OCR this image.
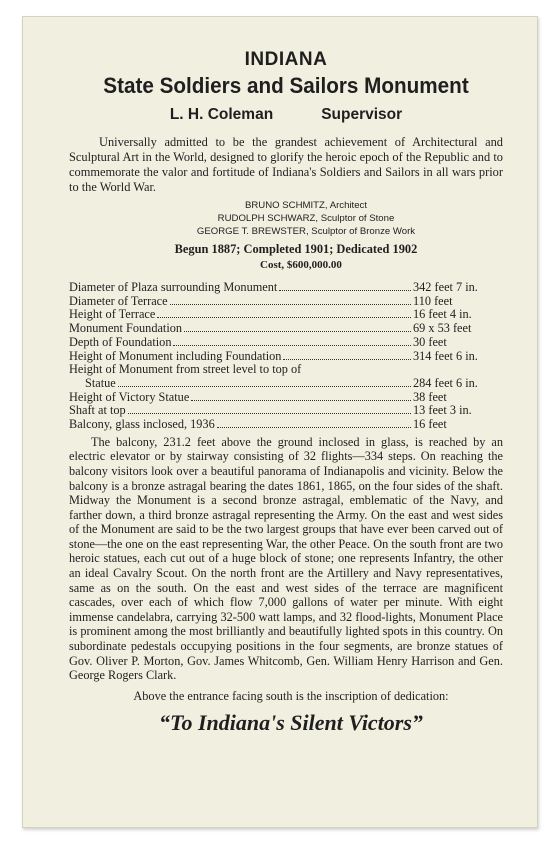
INDIANA
State Soldiers and Sailors Monument
L. H. Coleman	Supervisor
Universally admitted to be the grandest achievement of Architectural and Sculptural Art in the World, designed to glorify the heroic epoch of the Republic and to commemorate the valor and fortitude of Indiana's Soldiers and Sailors in all wars prior to the World War.
BRUNO SCHMITZ, Architect
RUDOLPH SCHWARZ, Sculptor of Stone
GEORGE T. BREWSTER, Sculptor of Bronze Work
Begun 1887; Completed 1901; Dedicated 1902
Cost, $600,000.00
Diameter of Plaza surrounding Monument	342 feet 7 in.
Diameter of Terrace	110 feet
Height of Terrace	16 feet 4 in.
Monument Foundation	69 x 53 feet
Depth of Foundation	30 feet
Height of Monument including Foundation	314 feet 6 in.
Height of Monument from street level to top of
Statue	284 feet 6 in.
Height of Victory Statue	38 feet
Shaft at top	13 feet 3 in.
Balcony, glass inclosed, 1936	16 feet
The balcony, 231.2 feet above the ground inclosed in glass, is reached by an electric elevator or by stairway consisting of 32 flights—334 steps. On reaching the balcony visitors look over a beautiful panorama of Indianapolis and vicinity. Below the balcony is a bronze astragal bearing the dates 1861, 1865, on the four sides of the shaft. Midway the Monument is a second bronze astragal, emblematic of the Navy, and farther down, a third bronze astragal representing the Army. On the east and west sides of the Monument are said to be the two largest groups that have ever been carved out of stone—the one on the east representing War, the other Peace. On the south front are two heroic statues, each cut out of a huge block of stone; one represents Infantry, the other an ideal Cavalry Scout. On the north front are the Artillery and Navy representatives, same as on the south. On the east and west sides of the terrace are magnificent cascades, over each of which flow 7,000 gallons of water per minute. With eight immense candelabra, carrying 32-500 watt lamps, and 32 flood-lights, Monument Place is prominent among the most brilliantly and beautifully lighted spots in this country. On subordinate pedestals occupying positions in the four segments, are bronze statues of Gov. Oliver P. Morton, Gov. James Whitcomb, Gen. William Henry Harrison and Gen. George Rogers Clark.
Above the entrance facing south is the inscription of dedication:
“To Indiana's Silent Victors”
